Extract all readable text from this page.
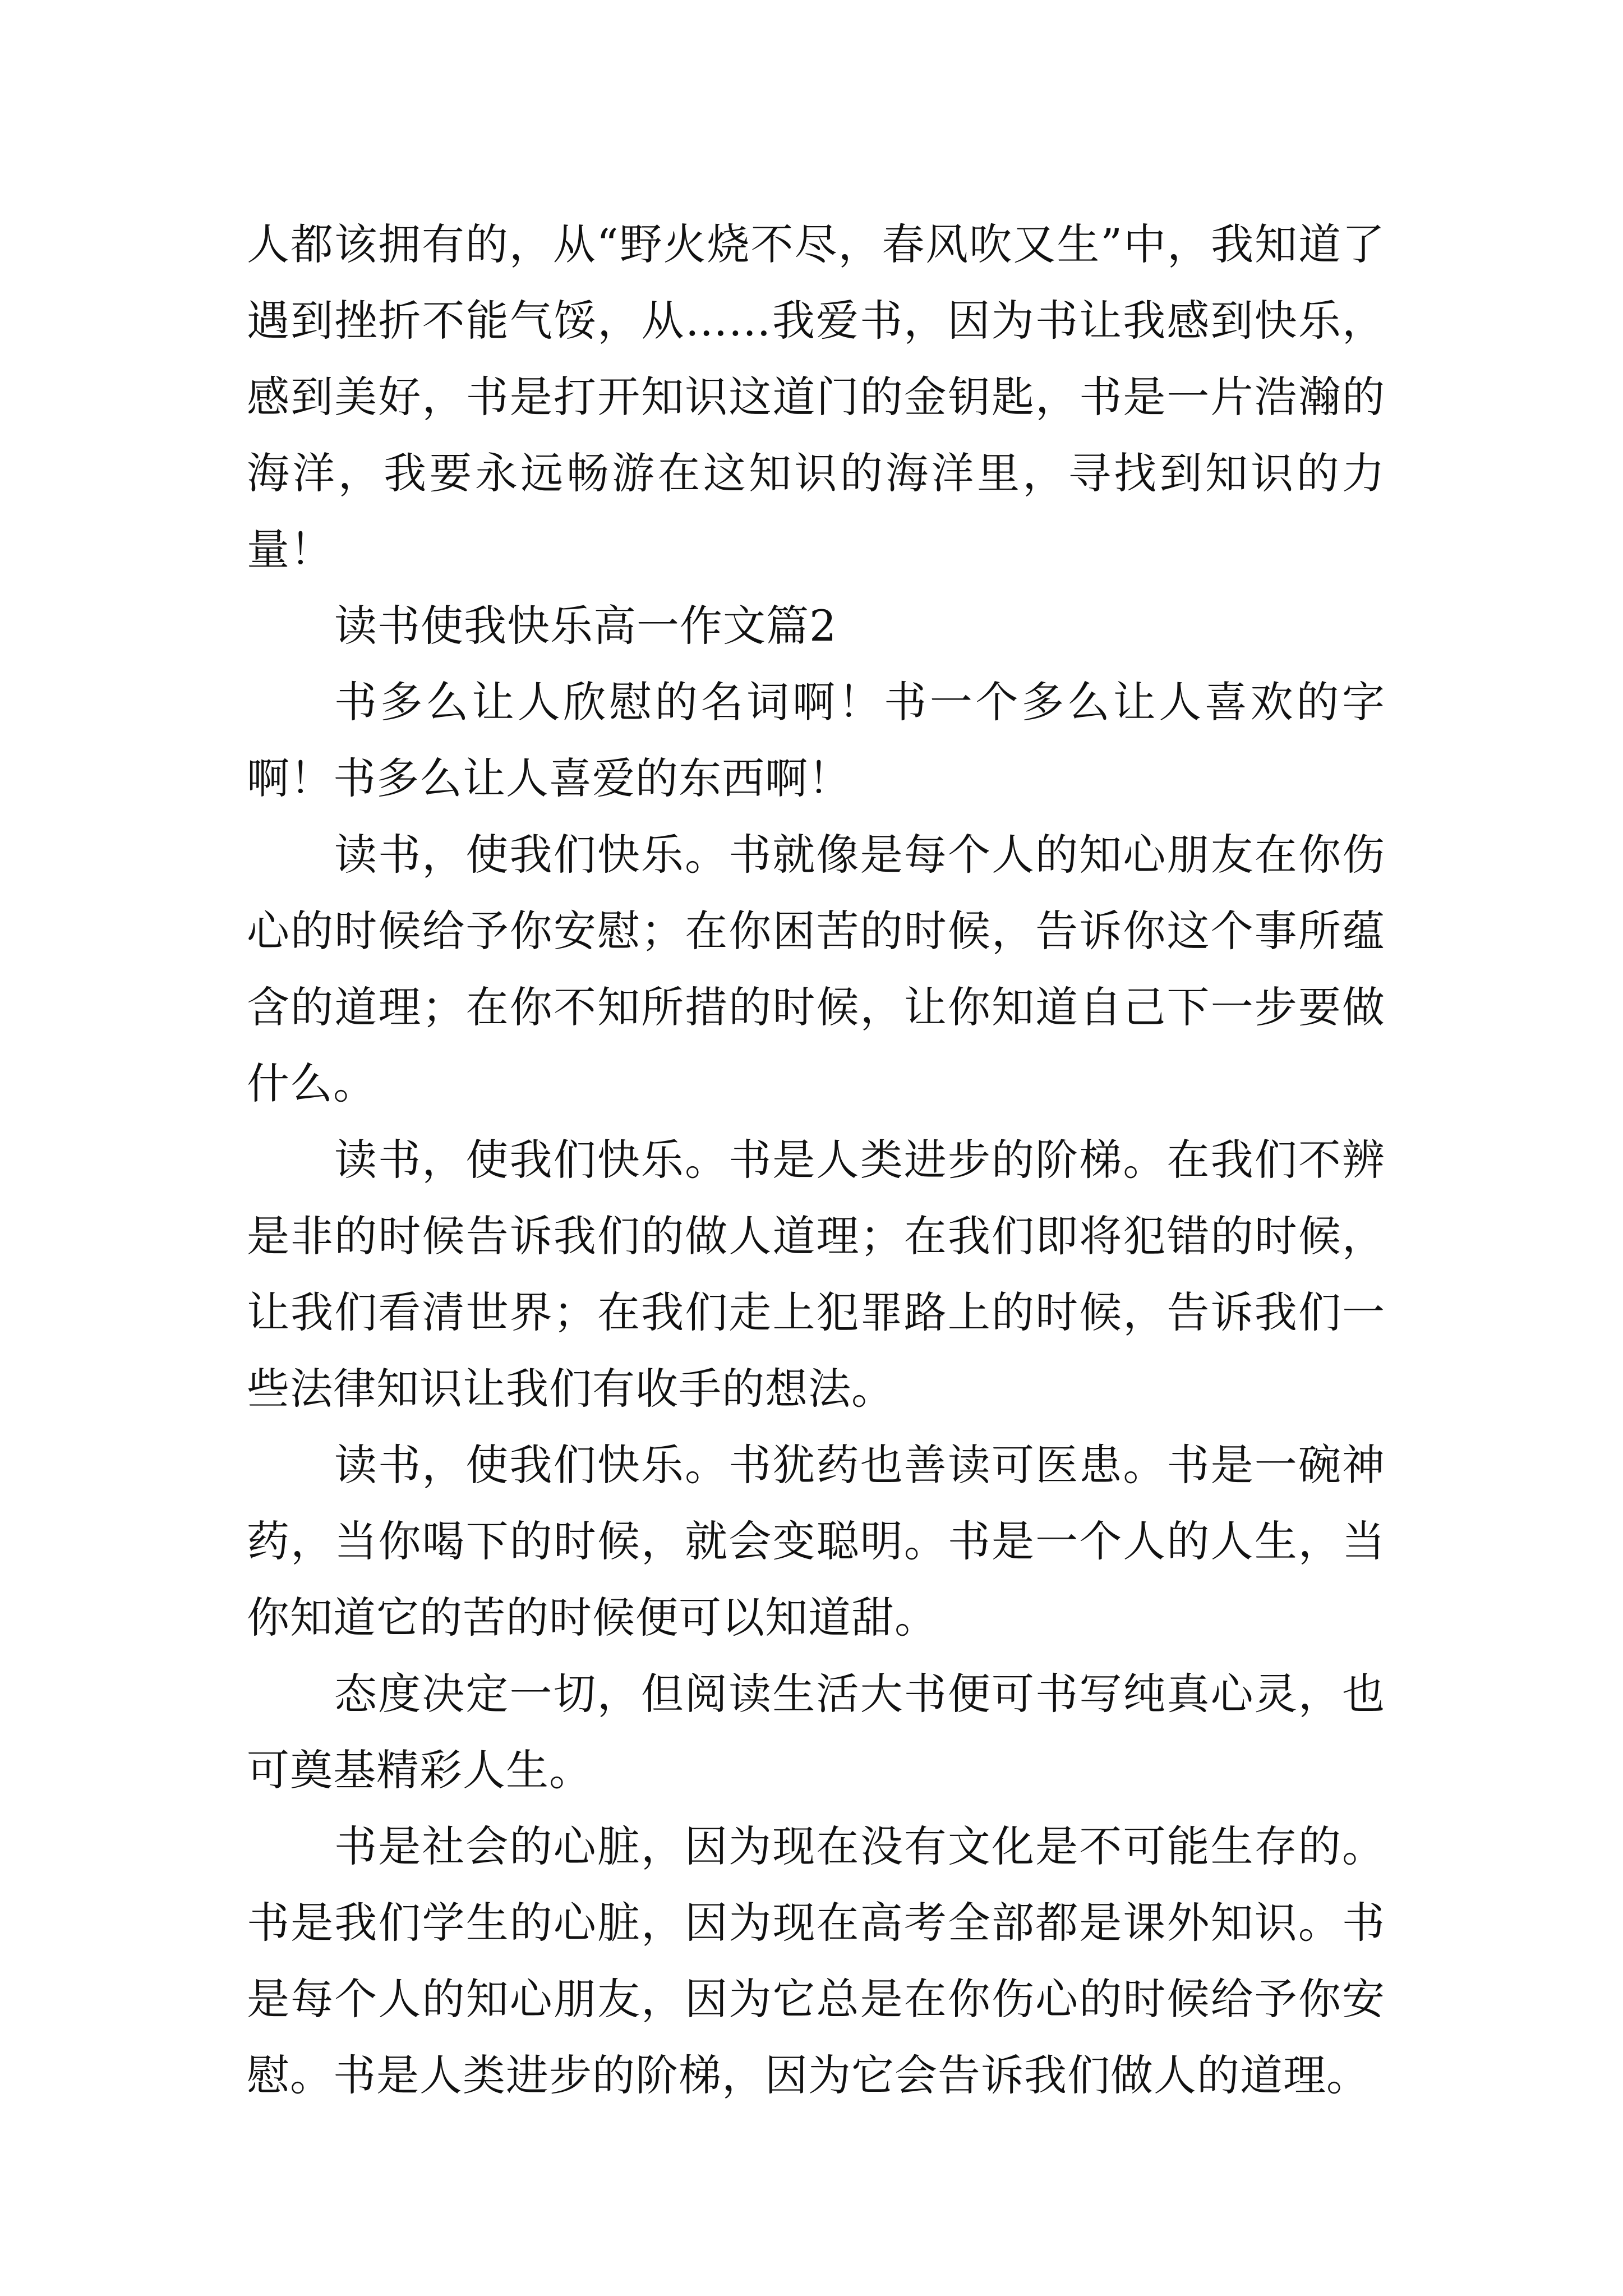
人都该拥有的，从“野火烧不尽，春风吹又生”中，我知道了遇到挫折不能气馁，从……我爱书，因为书让我感到快乐，感到美好，书是打开知识这道门的金钥匙，书是一片浩瀚的海洋，我要永远畅游在这知识的海洋里，寻找到知识的力量！

读书使我快乐高一作文篇2

书多么让人欣慰的名词啊！书一个多么让人喜欢的字啊！书多么让人喜爱的东西啊！

读书，使我们快乐。书就像是每个人的知心朋友在你伤心的时候给予你安慰；在你困苦的时候，告诉你这个事所蕴含的道理；在你不知所措的时候，让你知道自己下一步要做什么。

读书，使我们快乐。书是人类进步的阶梯。在我们不辨是非的时候告诉我们的做人道理；在我们即将犯错的时候，让我们看清世界；在我们走上犯罪路上的时候，告诉我们一些法律知识让我们有收手的想法。

读书，使我们快乐。书犹药也善读可医患。书是一碗神药，当你喝下的时候，就会变聪明。书是一个人的人生，当你知道它的苦的时候便可以知道甜。

态度决定一切，但阅读生活大书便可书写纯真心灵，也可奠基精彩人生。

书是社会的心脏，因为现在没有文化是不可能生存的。书是我们学生的心脏，因为现在高考全部都是课外知识。书是每个人的知心朋友，因为它总是在你伤心的时候给予你安慰。书是人类进步的阶梯，因为它会告诉我们做人的道理。
